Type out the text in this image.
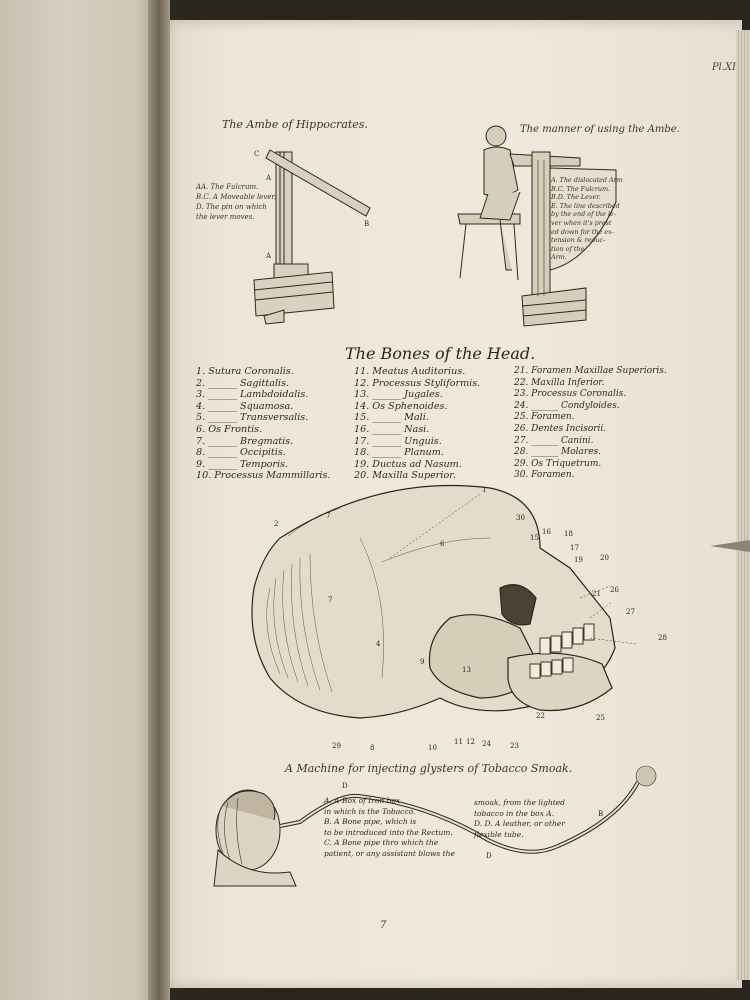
Pl.XI
The Ambe of Hippocrates.	The manner of using the Ambe.
AA. The Fulcrum.
B.C. A Moveable lever.
D. The pin on which
the lever moves.
C
A
B
A
A. The dislocated Arm
B.C. The Fulcrum.
B.D. The Lever.
E. The line described
by the end of the le-
ver when it's prest
ed down for the ex-
tension & reduc-
tion of the
Arm.
The Bones of the Head.
1. Sutura Coronalis.
2. ______ Sagittalis.
3. ______ Lambdoidalis.
4. ______ Squamosa.
5. ______ Transversalis.
6. Os Frontis.
7. ______ Bregmatis.
8. ______ Occipitis.
9. ______ Temporis.
10. Processus Mammillaris.
11. Meatus Auditorius.
12. Processus Styliformis.
13. ______ Jugales.
14. Os Sphenoides.
15. ______ Mali.
16. ______ Nasi.
17. ______ Unguis.
18. ______ Planum.
19. Ductus ad Nasum.
20. Maxilla Superior.
21. Foramen Maxillae Superioris.
22. Maxilla Inferior.
23. Processus Coronalis.
24. ______ Condyloides.
25. Foramen.
26. Dentes Incisorii.
27. ______ Canini.
28. ______ Molares.
29. Os Triquetrum.
30. Foramen.
1
2
4
6
7
7
8
9
10
11 12
13
15
16
17
18
19 20
21
22
23
24
25
26
27
28
29
30
A Machine for injecting glysters of Tobacco Smoak.
D
B
D
A. A Box of Iron box
in which is the Tobacco.
B. A Bone pipe, which is
to be introduced into the Rectum.
C. A Bone pipe thro which the
patient, or any assistant blows the
smoak, from the lighted
tobacco in the box A.
D. D. A leather, or other
flexible tube.
7
